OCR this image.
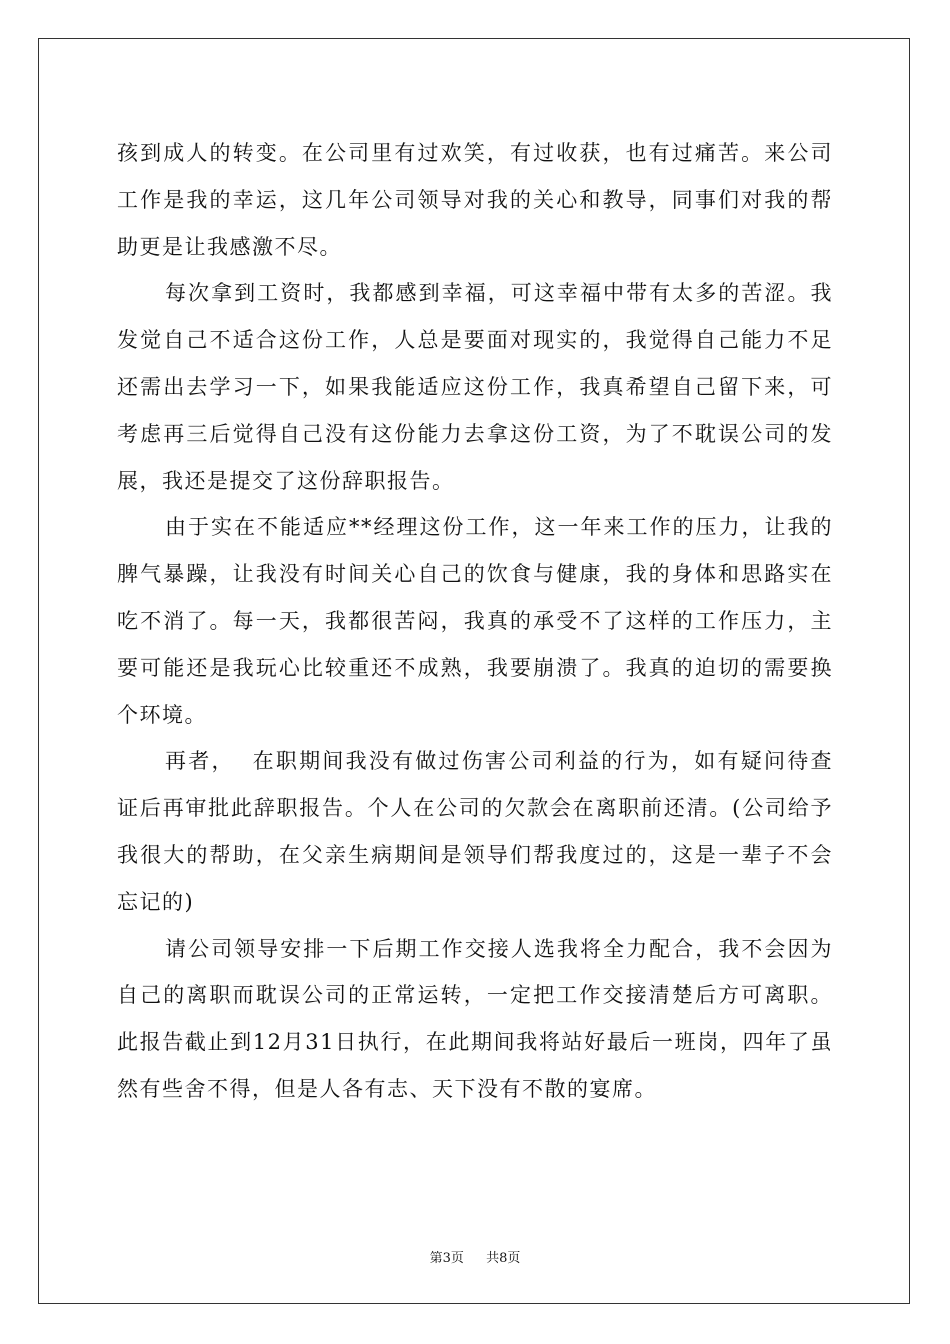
孩到成人的转变。在公司里有过欢笑，有过收获，也有过痛苦。来公司工作是我的幸运，这几年公司领导对我的关心和教导，同事们对我的帮助更是让我感激不尽。

每次拿到工资时，我都感到幸福，可这幸福中带有太多的苦涩。我发觉自己不适合这份工作，人总是要面对现实的，我觉得自己能力不足还需出去学习一下，如果我能适应这份工作，我真希望自己留下来，可考虑再三后觉得自己没有这份能力去拿这份工资，为了不耽误公司的发展，我还是提交了这份辞职报告。

由于实在不能适应**经理这份工作，这一年来工作的压力，让我的脾气暴躁，让我没有时间关心自己的饮食与健康，我的身体和思路实在吃不消了。每一天，我都很苦闷，我真的承受不了这样的工作压力，主要可能还是我玩心比较重还不成熟，我要崩溃了。我真的迫切的需要换个环境。

再者，  在职期间我没有做过伤害公司利益的行为，如有疑问待查证后再审批此辞职报告。个人在公司的欠款会在离职前还清。(公司给予我很大的帮助，在父亲生病期间是领导们帮我度过的，这是一辈子不会忘记的)

请公司领导安排一下后期工作交接人选我将全力配合，我不会因为自己的离职而耽误公司的正常运转，一定把工作交接清楚后方可离职。此报告截止到12月31日执行，在此期间我将站好最后一班岗，四年了虽然有些舍不得，但是人各有志、天下没有不散的宴席。

第3页 共8页
